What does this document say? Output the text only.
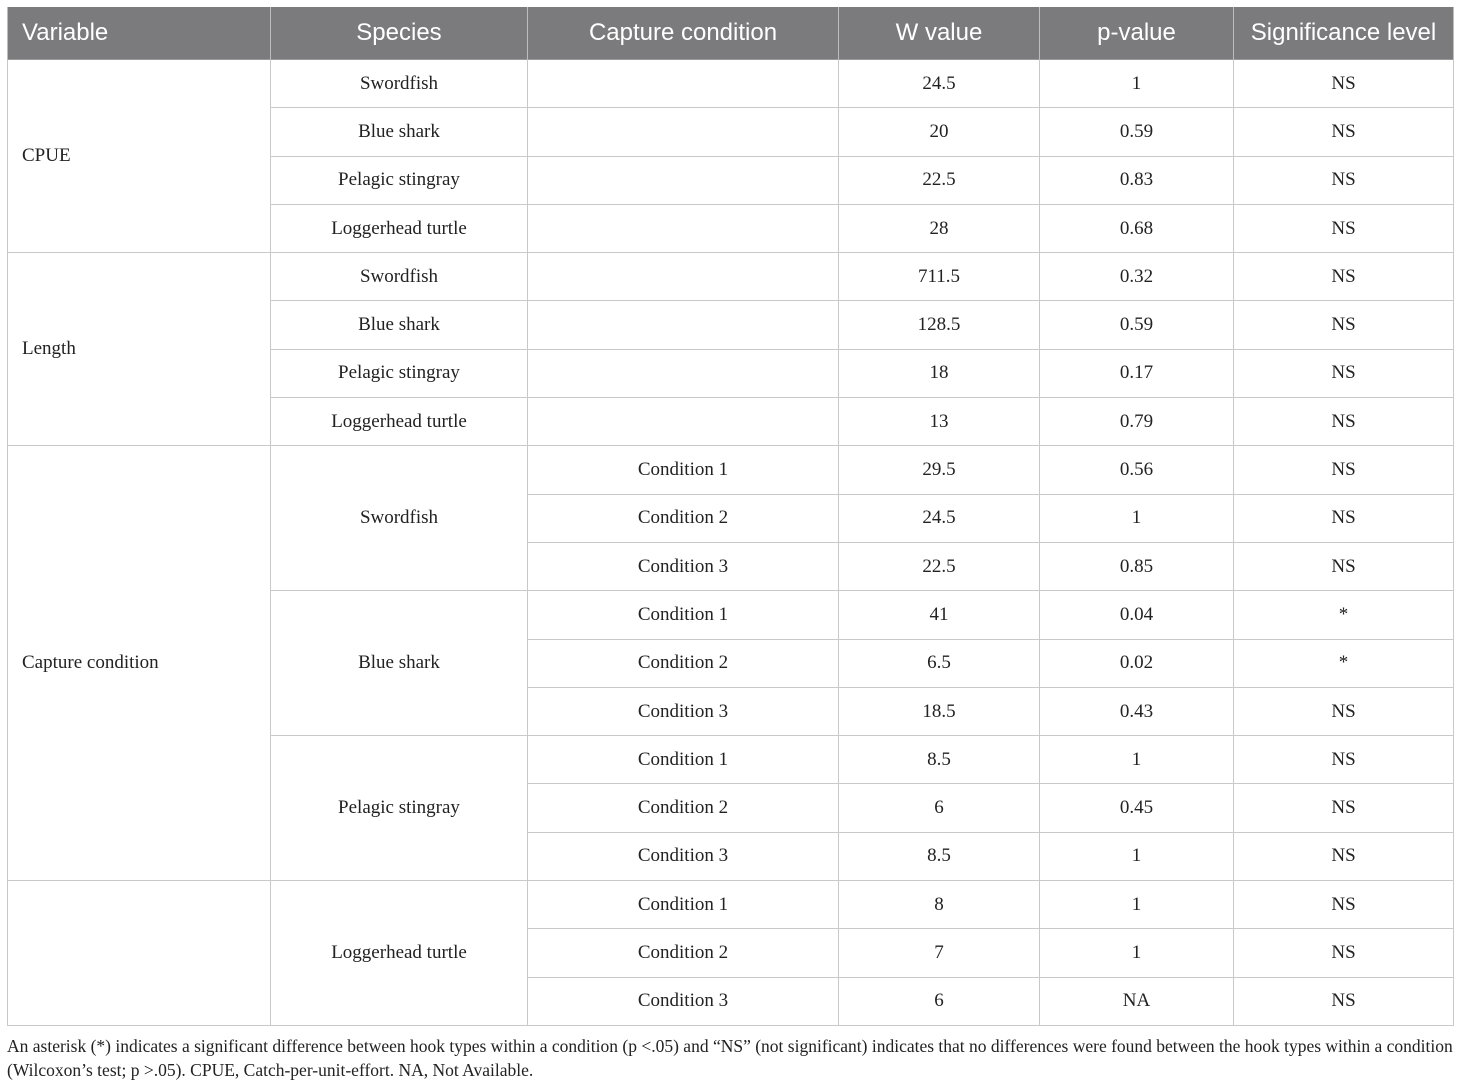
Variable	Species	Capture condition	W value	p-value	Significance level
CPUE	Swordfish		24.5	1	NS
	Blue shark		20	0.59	NS
	Pelagic stingray		22.5	0.83	NS
	Loggerhead turtle		28	0.68	NS
Length	Swordfish		711.5	0.32	NS
	Blue shark		128.5	0.59	NS
	Pelagic stingray		18	0.17	NS
	Loggerhead turtle		13	0.79	NS
Capture condition	Swordfish	Condition 1	29.5	0.56	NS
		Condition 2	24.5	1	NS
		Condition 3	22.5	0.85	NS
	Blue shark	Condition 1	41	0.04	*
		Condition 2	6.5	0.02	*
		Condition 3	18.5	0.43	NS
	Pelagic stingray	Condition 1	8.5	1	NS
		Condition 2	6	0.45	NS
		Condition 3	8.5	1	NS
	Loggerhead turtle	Condition 1	8	1	NS
		Condition 2	7	1	NS
		Condition 3	6	NA	NS
An asterisk (*) indicates a significant difference between hook types within a condition (p <.05) and “NS” (not significant) indicates that no differences were found between the hook types within a condition (Wilcoxon’s test; p >.05). CPUE, Catch-per-unit-effort. NA, Not Available.
